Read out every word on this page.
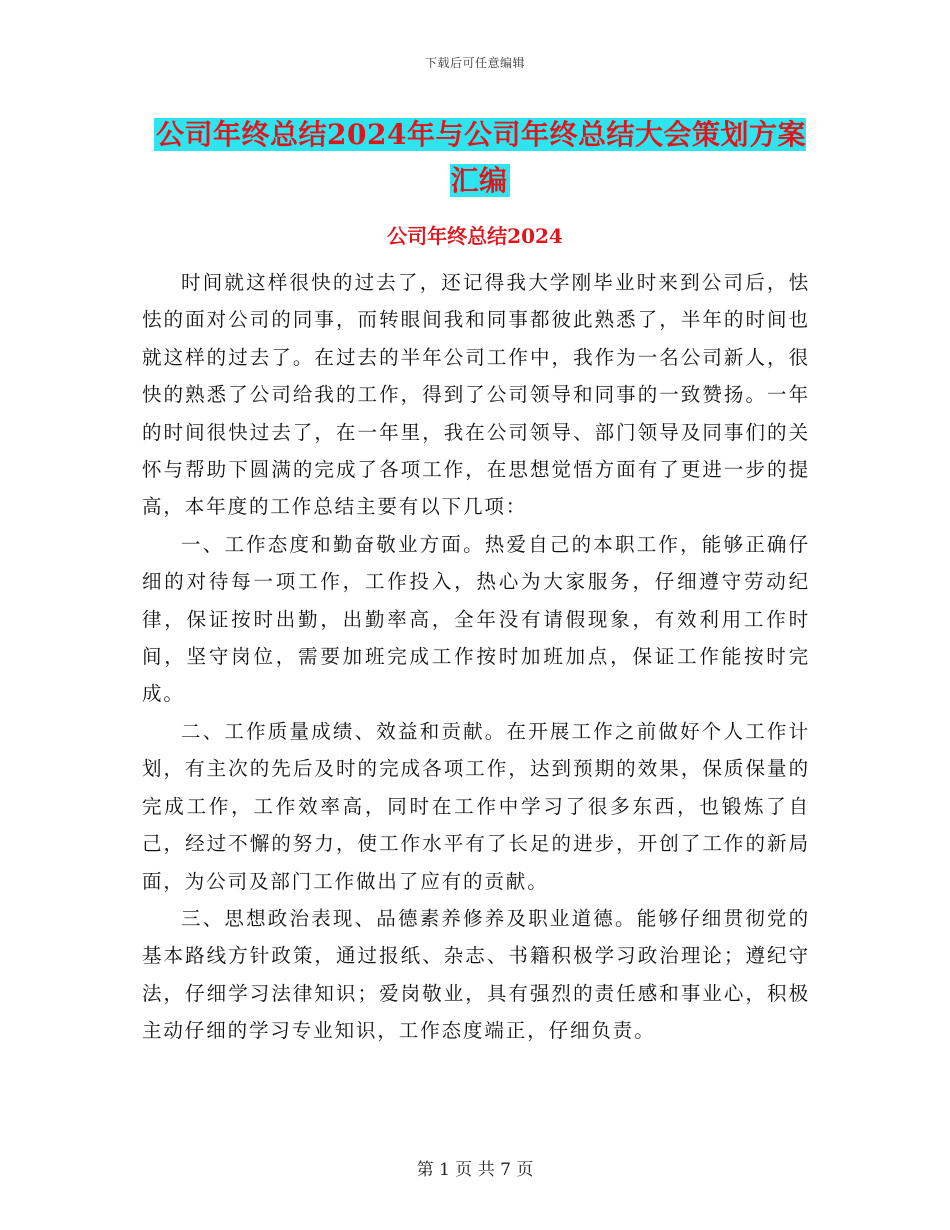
下载后可任意编辑
公司年终总结2024年与公司年终总结大会策划方案汇编
公司年终总结2024

时间就这样很快的过去了，还记得我大学刚毕业时来到公司后，怯怯的面对公司的同事，而转眼间我和同事都彼此熟悉了，半年的时间也就这样的过去了。在过去的半年公司工作中，我作为一名公司新人，很快的熟悉了公司给我的工作，得到了公司领导和同事的一致赞扬。一年的时间很快过去了，在一年里，我在公司领导、部门领导及同事们的关怀与帮助下圆满的完成了各项工作，在思想觉悟方面有了更进一步的提高，本年度的工作总结主要有以下几项：

一、工作态度和勤奋敬业方面。热爱自己的本职工作，能够正确仔细的对待每一项工作，工作投入，热心为大家服务，仔细遵守劳动纪律，保证按时出勤，出勤率高，全年没有请假现象，有效利用工作时间，坚守岗位，需要加班完成工作按时加班加点，保证工作能按时完成。

二、工作质量成绩、效益和贡献。在开展工作之前做好个人工作计划，有主次的先后及时的完成各项工作，达到预期的效果，保质保量的完成工作，工作效率高，同时在工作中学习了很多东西，也锻炼了自己，经过不懈的努力，使工作水平有了长足的进步，开创了工作的新局面，为公司及部门工作做出了应有的贡献。

三、思想政治表现、品德素养修养及职业道德。能够仔细贯彻党的基本路线方针政策，通过报纸、杂志、书籍积极学习政治理论；遵纪守法，仔细学习法律知识；爱岗敬业，具有强烈的责任感和事业心，积极主动仔细的学习专业知识，工作态度端正，仔细负责。

第 1 页 共 7 页
